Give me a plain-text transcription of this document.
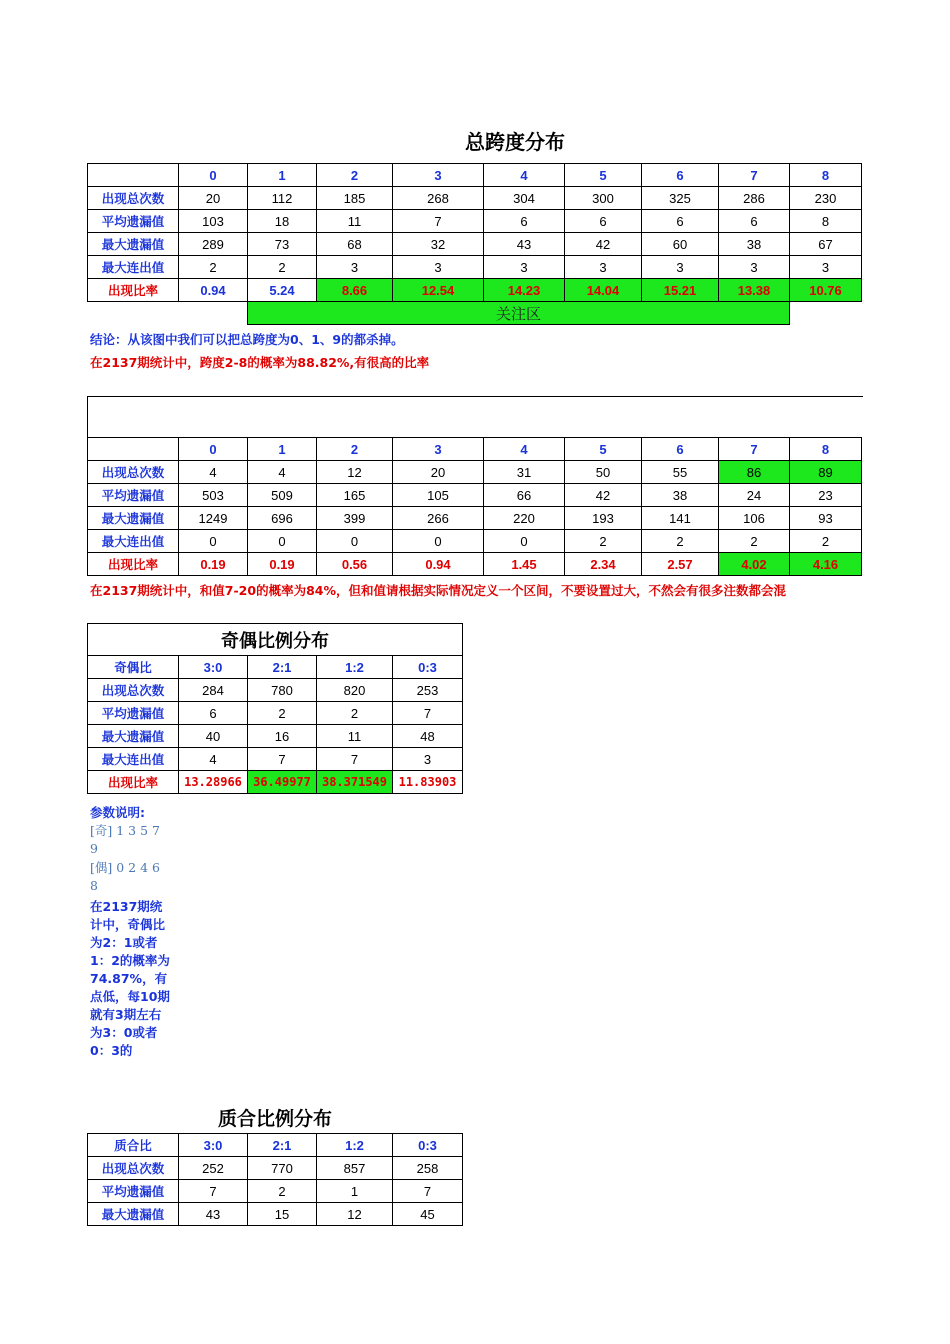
总跨度分布
	0	1	2	3	4	5	6	7	8
出现总次数	20	112	185	268	304	300	325	286	230
平均遗漏值	103	18	11	7	6	6	6	6	8
最大遗漏值	289	73	68	32	43	42	60	38	67
最大连出值	2	2	3	3	3	3	3	3	3
出现比率	0.94	5.24	8.66	12.54	14.23	14.04	15.21	13.38	10.76
		关注区							
结论：从该图中我们可以把总跨度为0、1、9的都杀掉。
在2137期统计中，跨度2-8的概率为88.82%,有很高的比率
	0	1	2	3	4	5	6	7	8
出现总次数	4	4	12	20	31	50	55	86	89
平均遗漏值	503	509	165	105	66	42	38	24	23
最大遗漏值	1249	696	399	266	220	193	141	106	93
最大连出值	0	0	0	0	0	2	2	2	2
出现比率	0.19	0.19	0.56	0.94	1.45	2.34	2.57	4.02	4.16
在2137期统计中，和值7-20的概率为84%，但和值请根据实际情况定义一个区间，不要设置过大，不然会有很多注数都会混
奇偶比例分布				
奇偶比	3:0	2:1	1:2	0:3
出现总次数	284	780	820	253
平均遗漏值	6	2	2	7
最大遗漏值	40	16	11	48
最大连出值	4	7	7	3
出现比率	13.28966	36.49977	38.371549	11.83903
参数说明:
[奇] 1 3 5 7
9
[偶] 0 2 4 6
8
在2137期统计中，奇偶比为2：1或者1：2的概率为74.87%，有点低，每10期就有3期左右为3：0或者0：3的
质合比例分布
质合比	3:0	2:1	1:2	0:3
出现总次数	252	770	857	258
平均遗漏值	7	2	1	7
最大遗漏值	43	15	12	45
